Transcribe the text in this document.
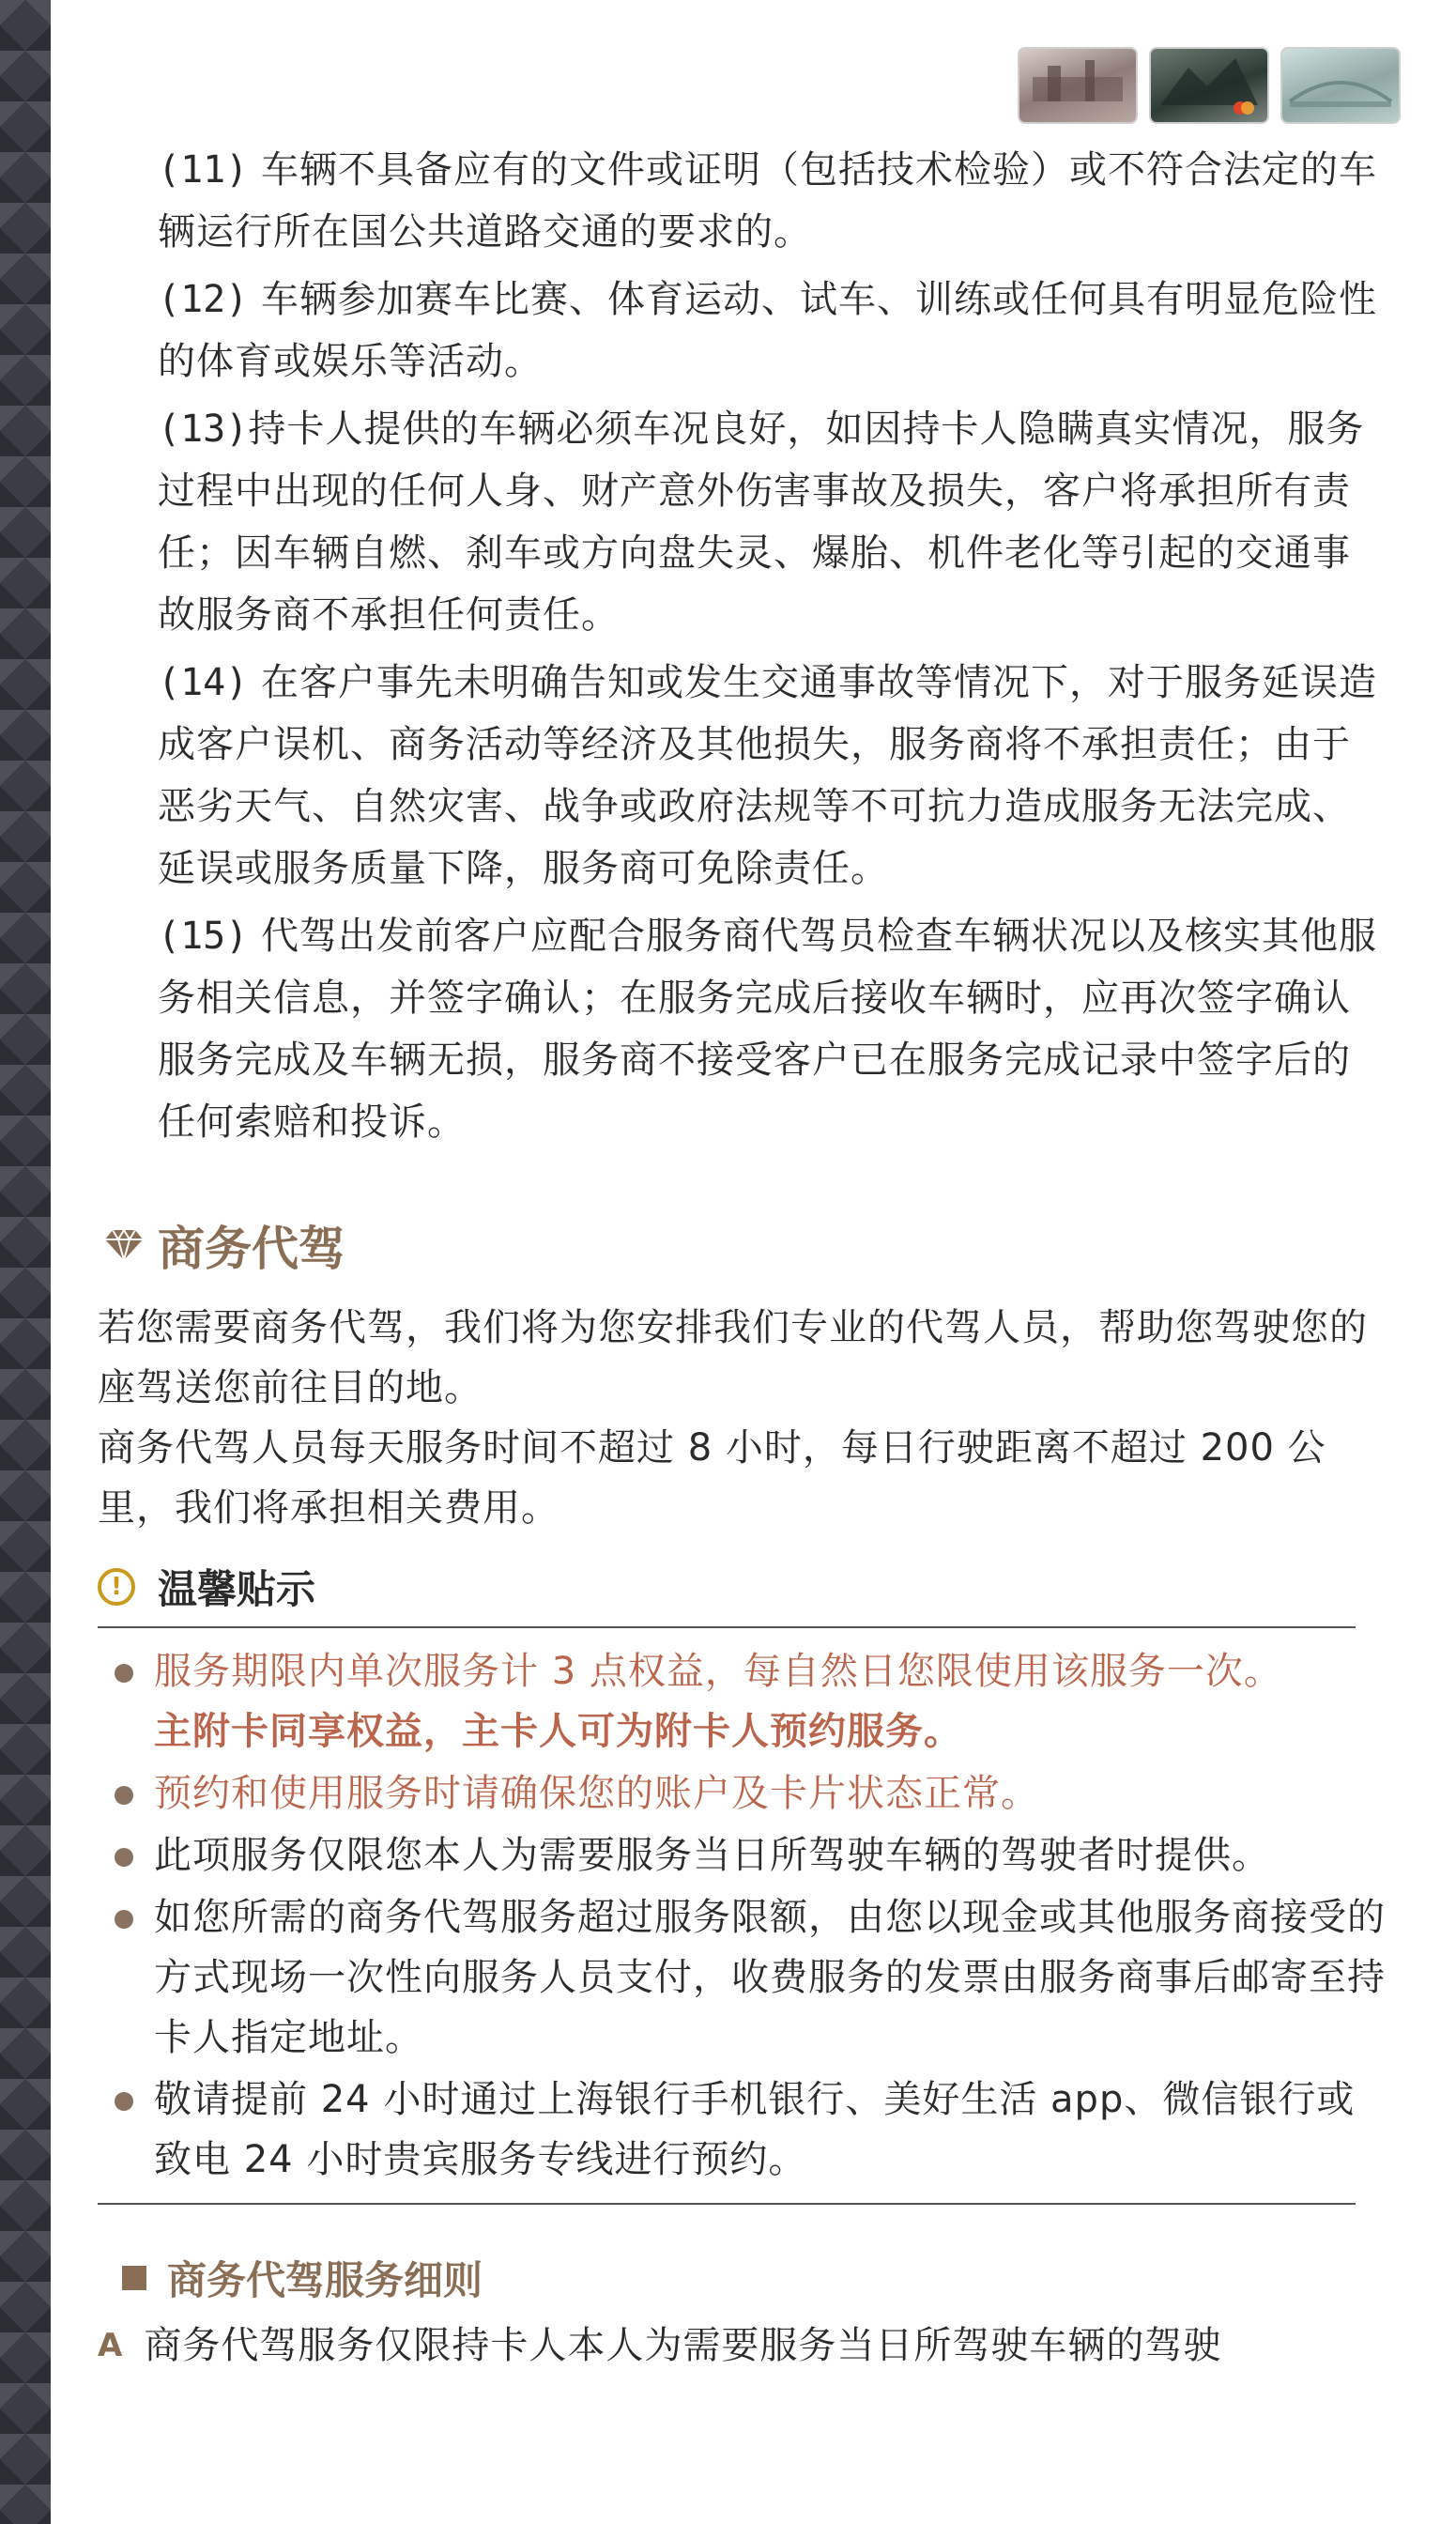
(11) 车辆不具备应有的文件或证明（包括技术检验）或不符合法定的车辆运行所在国公共道路交通的要求的。
(12) 车辆参加赛车比赛、体育运动、试车、训练或任何具有明显危险性的体育或娱乐等活动。
(13)持卡人提供的车辆必须车况良好，如因持卡人隐瞒真实情况，服务过程中出现的任何人身、财产意外伤害事故及损失，客户将承担所有责任；因车辆自燃、刹车或方向盘失灵、爆胎、机件老化等引起的交通事故服务商不承担任何责任。
(14) 在客户事先未明确告知或发生交通事故等情况下，对于服务延误造成客户误机、商务活动等经济及其他损失，服务商将不承担责任；由于恶劣天气、自然灾害、战争或政府法规等不可抗力造成服务无法完成、延误或服务质量下降，服务商可免除责任。
(15) 代驾出发前客户应配合服务商代驾员检查车辆状况以及核实其他服务相关信息，并签字确认；在服务完成后接收车辆时，应再次签字确认服务完成及车辆无损，服务商不接受客户已在服务完成记录中签字后的任何索赔和投诉。
商务代驾

若您需要商务代驾，我们将为您安排我们专业的代驾人员，帮助您驾驶您的座驾送您前往目的地。

商务代驾人员每天服务时间不超过 8 小时，每日行驶距离不超过 200 公里，我们将承担相关费用。

! 温馨贴示
服务期限内单次服务计 3 点权益，每自然日您限使用该服务一次。
主附卡同享权益，主卡人可为附卡人预约服务。
预约和使用服务时请确保您的账户及卡片状态正常。
此项服务仅限您本人为需要服务当日所驾驶车辆的驾驶者时提供。
如您所需的商务代驾服务超过服务限额，由您以现金或其他服务商接受的方式现场一次性向服务人员支付，收费服务的发票由服务商事后邮寄至持卡人指定地址。
敬请提前 24 小时通过上海银行手机银行、美好生活 app、微信银行或致电 24 小时贵宾服务专线进行预约。
商务代驾服务细则
A 商务代驾服务仅限持卡人本人为需要服务当日所驾驶车辆的驾驶
